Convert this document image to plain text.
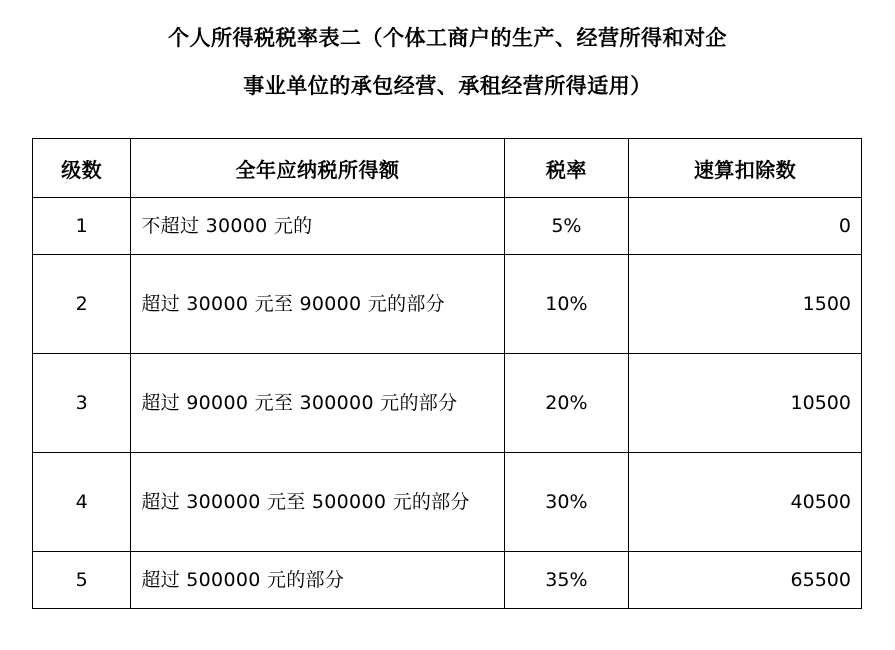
个人所得税税率表二（个体工商户的生产、经营所得和对企
事业单位的承包经营、承租经营所得适用）
级数	全年应纳税所得额	税率	速算扣除数
1	不超过 30000 元的	5%	0
2	超过 30000 元至 90000 元的部分	10%	1500
3	超过 90000 元至 300000 元的部分	20%	10500
4	超过 300000 元至 500000 元的部分	30%	40500
5	超过 500000 元的部分	35%	65500
